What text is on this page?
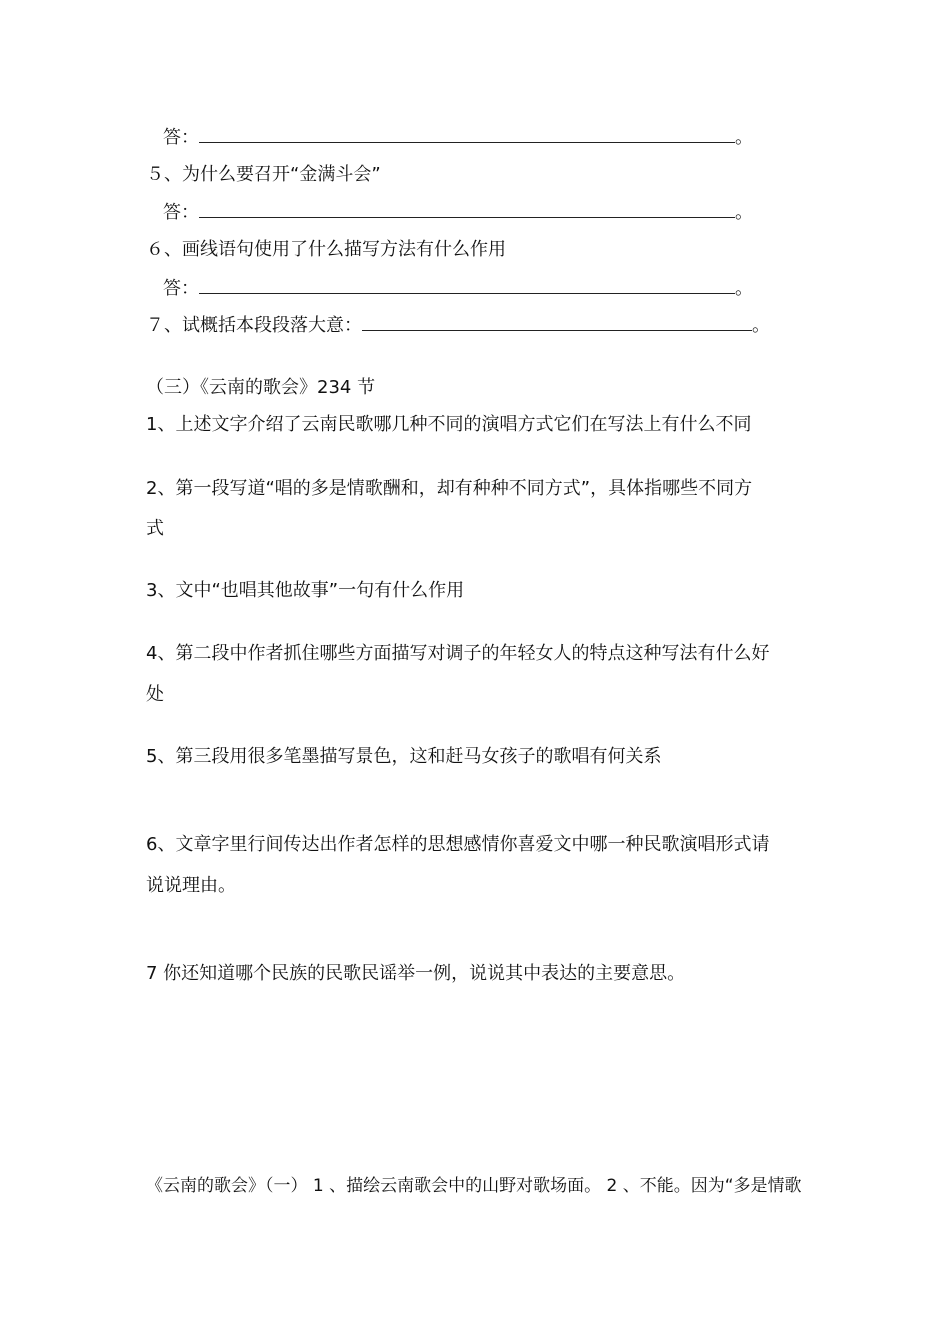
答：	。
５、为什么要召开“金满斗会”
答：	。
６、画线语句使用了什么描写方法有什么作用
答：	。
７、试概括本段段落大意：	。
（三）《云南的歌会》234 节
1、上述文字介绍了云南民歌哪几种不同的演唱方式它们在写法上有什么不同
2、第一段写道“唱的多是情歌酬和，却有种种不同方式”，具体指哪些不同方
式
3、文中“也唱其他故事”一句有什么作用
4、第二段中作者抓住哪些方面描写对调子的年轻女人的特点这种写法有什么好
处
5、第三段用很多笔墨描写景色，这和赶马女孩子的歌唱有何关系
6、文章字里行间传达出作者怎样的思想感情你喜爱文中哪一种民歌演唱形式请
说说理由。
7 你还知道哪个民族的民歌民谣举一例，说说其中表达的主要意思。
《云南的歌会》（一） 1 、描绘云南歌会中的山野对歌场面。 2 、不能。因为“多是情歌
